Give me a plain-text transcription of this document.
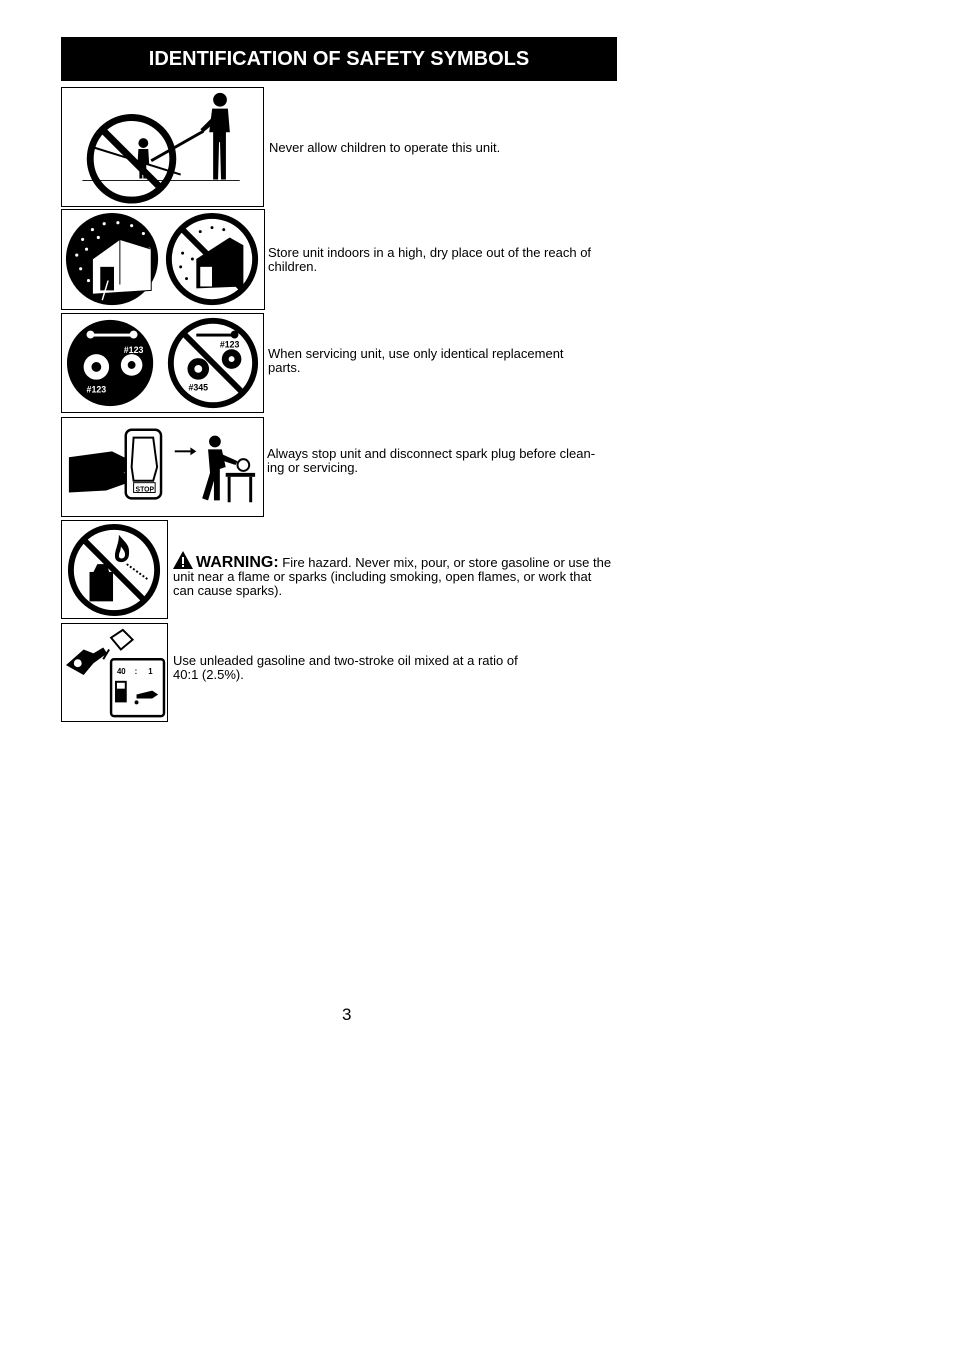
IDENTIFICATION OF SAFETY SYMBOLS
Never allow children to operate this unit.
Store unit indoors in a high, dry place out of the reach of children.
#123
#123
#123
#345
When servicing unit, use only identical replacement parts.
STOP
Always stop unit and disconnect spark plug before clean-ing or servicing.
WARNING: Fire hazard. Never mix, pour, or store gasoline or use the unit near a flame or sparks (including smoking, open flames, or work that can cause sparks).
40 : 1
Use unleaded gasoline and two-stroke oil mixed at a ratio of 40:1 (2.5%).
3
